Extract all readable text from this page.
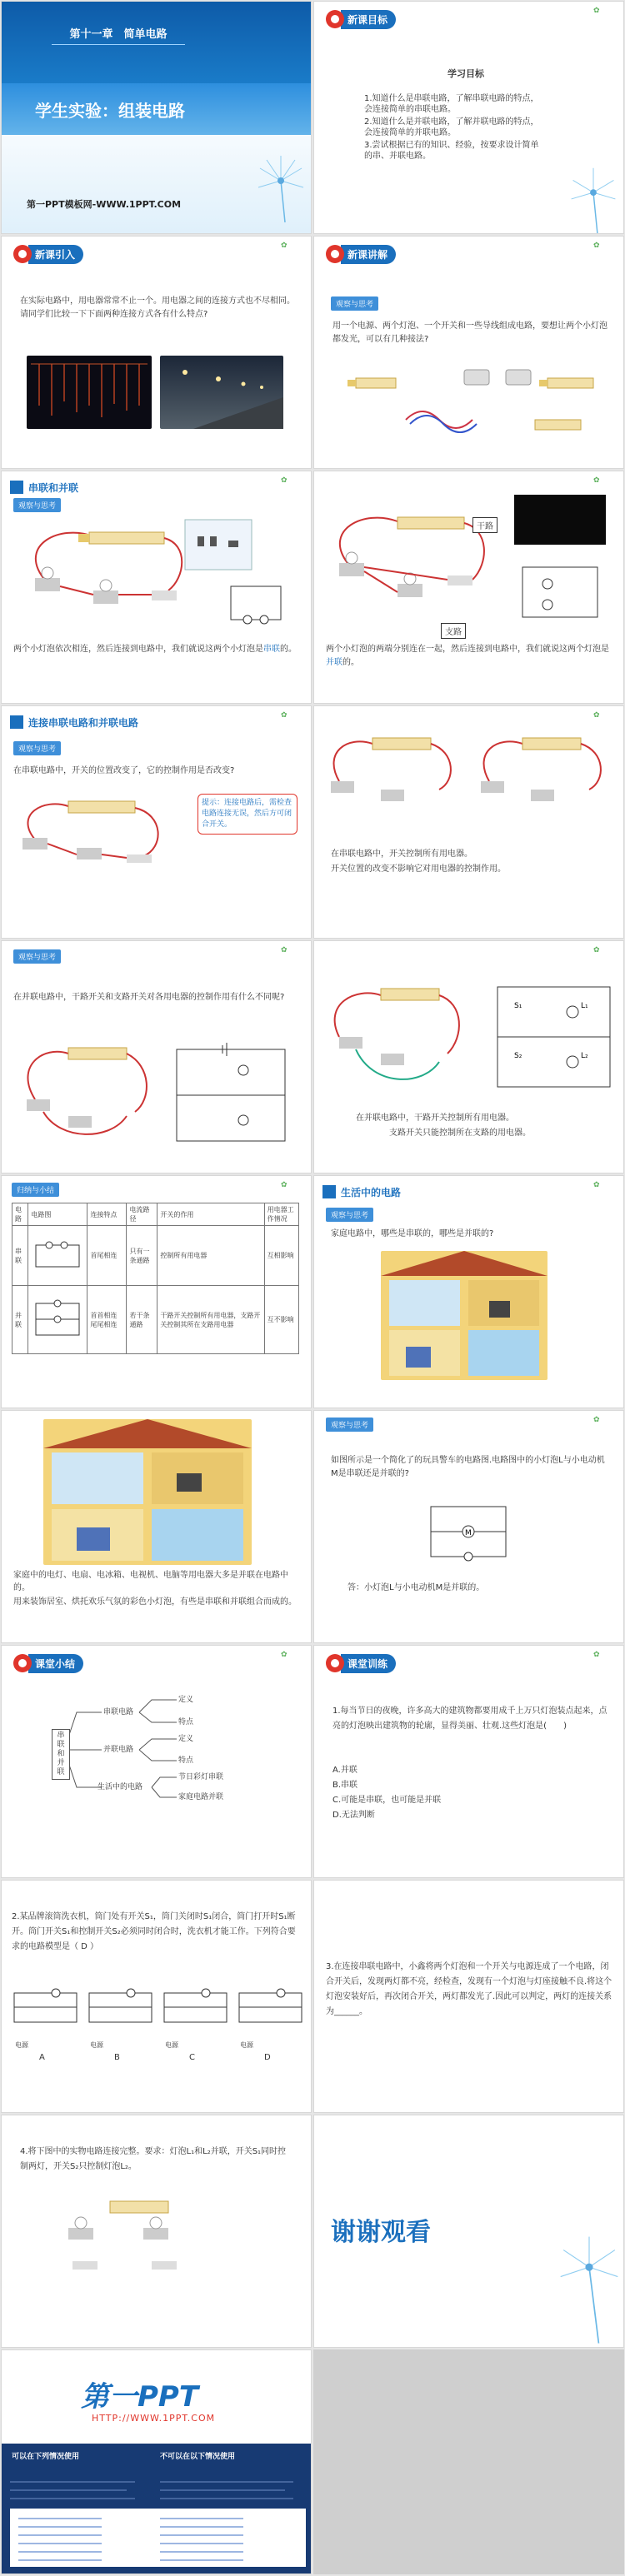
第十一章　简单电路
学生实验：组装电路
第一PPT模板网-WWW.1PPT.COM
新课目标
✿
学习目标
1.知道什么是串联电路，了解串联电路的特点，会连接简单的串联电路。
2.知道什么是并联电路，了解并联电路的特点，会连接简单的并联电路。
3.尝试根据已有的知识、经验，按要求设计简单的串、并联电路。
新课引入
✿
在实际电路中，用电器常常不止一个。用电器之间的连接方式也不尽相同。请同学们比较一下下面两种连接方式各有什么特点?
新课讲解
✿
观察与思考
用一个电源、两个灯泡、一个开关和一些导线组成电路，要想让两个小灯泡都发光，可以有几种接法?
串联和并联
✿
观察与思考
两个小灯泡依次相连，然后连接到电路中，我们就说这两个小灯泡是串联的。
✿
干路
支路
两个小灯泡的两端分别连在一起，然后连接到电路中，我们就说这两个灯泡是并联的。
连接串联电路和并联电路
✿
观察与思考
在串联电路中，开关的位置改变了，它的控制作用是否改变?
提示：连接电路后，需检查电路连接无误，然后方可闭合开关。
✿
在串联电路中，开关控制所有用电器。
开关位置的改变不影响它对用电器的控制作用。
✿
观察与思考
在并联电路中，干路开关和支路开关对各用电器的控制作用有什么不同呢?
✿
S₁
S₂
L₁
L₂
在并联电路中，干路开关控制所有用电器。
支路开关只能控制所在支路的用电器。
归纳与小结
✿
电路	电路图	连接特点	电流路径	开关的作用	用电器工作情况
串联		首尾相连	只有一条通路	控制所有用电器	互相影响
并联		首首相连 尾尾相连	若干条通路	干路开关控制所有用电器，支路开关控制其所在支路用电器	互不影响
生活中的电路
✿
观察与思考
家庭电路中，哪些是串联的，哪些是并联的?
家庭中的电灯、电扇、电冰箱、电视机、电脑等用电器大多是并联在电路中的。
用来装饰居室、烘托欢乐气氛的彩色小灯泡，有些是串联和并联组合而成的。
观察与思考
✿
如图所示是一个简化了的玩具警车的电路图.电路图中的小灯泡L与小电动机M是串联还是并联的?
M
答：小灯泡L与小电动机M是并联的。
课堂小结
✿
串联和并联
串联电路
并联电路
生活中的电路
定义
特点
定义
特点
节日彩灯串联
家庭电路并联
课堂训练
✿
1.每当节日的夜晚，许多高大的建筑物都要用成千上万只灯泡装点起来，点亮的灯泡映出建筑物的轮廓，显得美丽、壮观.这些灯泡是(　　)
A.并联
B.串联
C.可能是串联，也可能是并联
D.无法判断
2.某品牌滚筒洗衣机，筒门处有开关S₁，筒门关闭时S₁闭合，筒门打开时S₁断开。筒门开关S₁和控制开关S₂必须同时闭合时，洗衣机才能工作。下列符合要求的电路模型是（ D ）
电源	电源	电源	电源
A	B	C	D
3.在连接串联电路中，小鑫将两个灯泡和一个开关与电源连成了一个电路，闭合开关后，发现两灯都不亮，经检查，发现有一个灯泡与灯座接触不良.将这个灯泡安装好后，再次闭合开关，两灯都发光了.因此可以判定，两灯的连接关系为______。
4.将下图中的实物电路连接完整。要求：灯泡L₁和L₂并联，开关S₁同时控制两灯，开关S₂只控制灯泡L₂。
谢谢观看
第一PPT
HTTP://WWW.1PPT.COM
可以在下列情况使用	不可以在以下情况使用
